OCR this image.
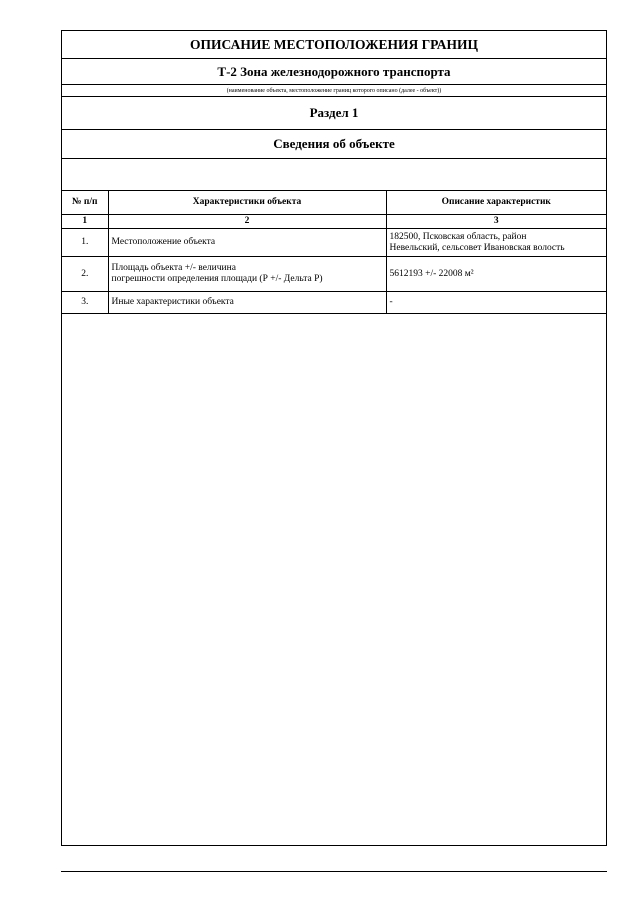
ОПИСАНИЕ МЕСТОПОЛОЖЕНИЯ ГРАНИЦ
Т-2 Зона железнодорожного транспорта
(наименование объекта, местоположение границ которого описано (далее - объект))
Раздел 1
Сведения об объекте
№ п/п	Характеристики объекта	Описание характеристик
1	2	3
1.	Местоположение объекта	182500, Псковская область, район
Невельский, сельсовет Ивановская волость

2.	Площадь объекта +/- величина
погрешности определения площади (Р +/- Дельта Р)	5612193 +/- 22008 м²
3.	Иные характеристики объекта	-
